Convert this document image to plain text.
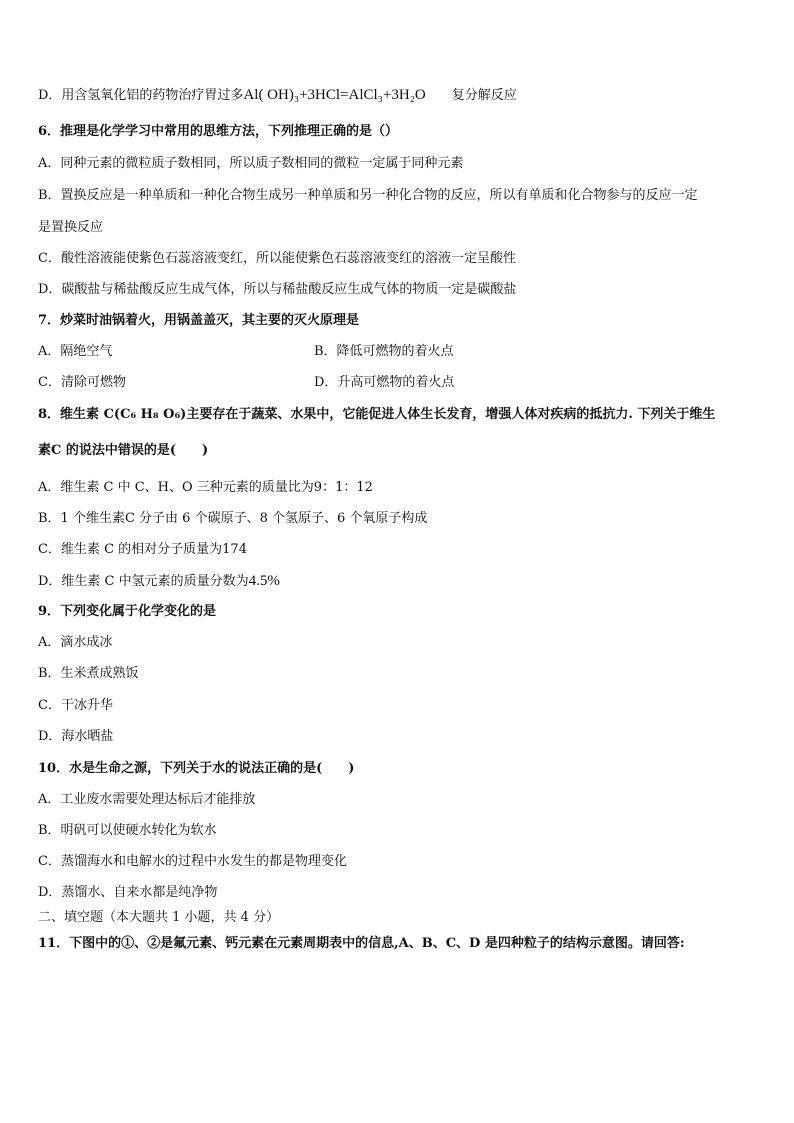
D．用含氢氧化铝的药物治疗胃过多Al( OH)₃+3HCl=AlCl₃+3H₂O 复分解反应
6．推理是化学学习中常用的思维方法，下列推理正确的是（）
A．同种元素的微粒质子数相同，所以质子数相同的微粒一定属于同种元素
B．置换反应是一种单质和一种化合物生成另一种单质和另一种化合物的反应，所以有单质和化合物参与的反应一定
是置换反应
C．酸性溶液能使紫色石蕊溶液变红，所以能使紫色石蕊溶液变红的溶液一定呈酸性
D．碳酸盐与稀盐酸反应生成气体，所以与稀盐酸反应生成气体的物质一定是碳酸盐
7．炒菜时油锅着火，用锅盖盖灭，其主要的灭火原理是
A．隔绝空气	B．降低可燃物的着火点
C．清除可燃物	D．升高可燃物的着火点
8．维生素 C(C₆ H₈ O₆)主要存在于蔬菜、水果中，它能促进人体生长发育，增强人体对疾病的抵抗力. 下列关于维生
素C 的说法中错误的是(　　)
A．维生素 C 中 C、H、O 三种元素的质量比为9：1：12
B．1 个维生素C 分子由 6 个碳原子、8 个氢原子、6 个氧原子构成
C．维生素 C 的相对分子质量为174
D．维生素 C 中氢元素的质量分数为4.5%
9．下列变化属于化学变化的是
A．滴水成冰
B．生米煮成熟饭
C．干冰升华
D．海水晒盐
10．水是生命之源，下列关于水的说法正确的是(　　)
A．工业废水需要处理达标后才能排放
B．明矾可以使硬水转化为软水
C．蒸馏海水和电解水的过程中水发生的都是物理变化
D．蒸馏水、自来水都是纯净物
二、填空题（本大题共 1 小题，共 4 分）
11．下图中的①、②是氟元素、钙元素在元素周期表中的信息,A、B、C、D 是四种粒子的结构示意图。请回答:
